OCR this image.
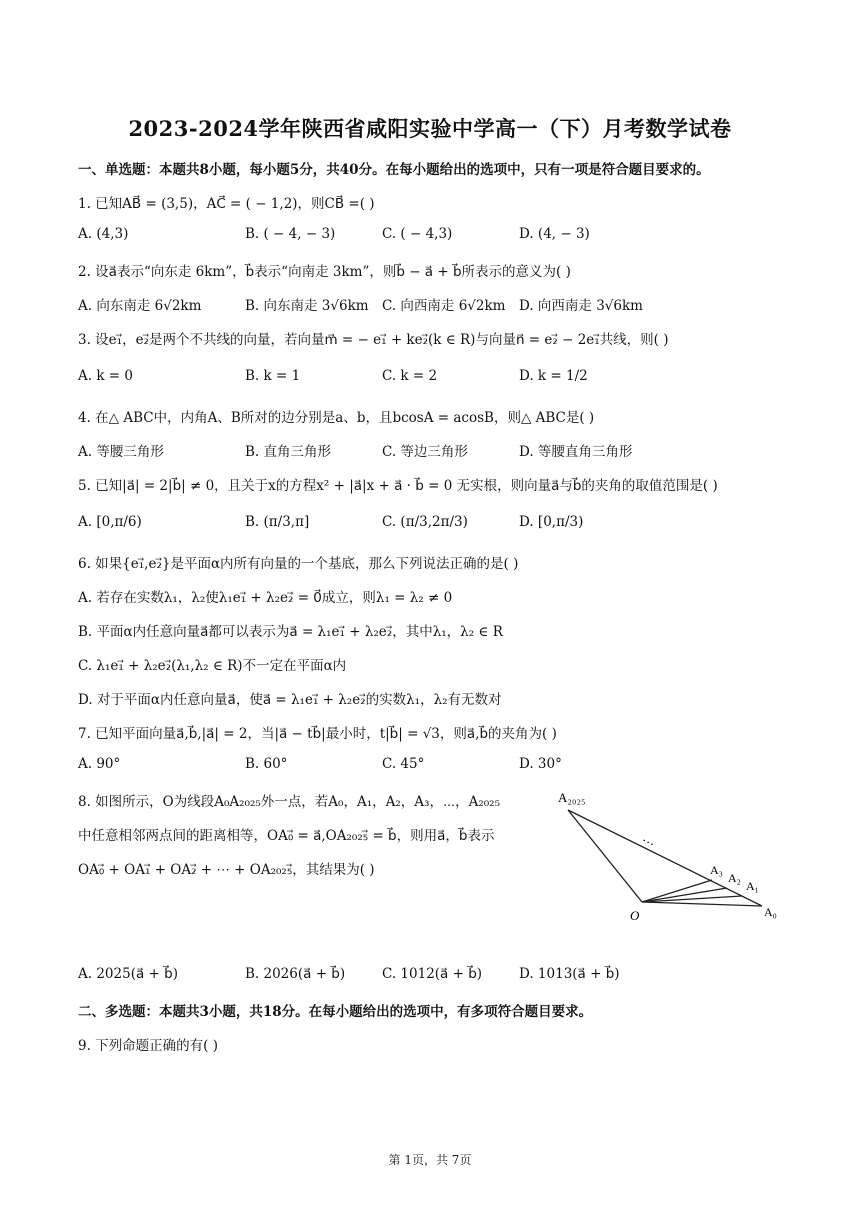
2023-2024学年陕西省咸阳实验中学高一（下）月考数学试卷
一、单选题：本题共8小题，每小题5分，共40分。在每小题给出的选项中，只有一项是符合题目要求的。
1. 已知AB⃗ = (3,5)，AC⃗ = ( − 1,2)，则CB⃗ =( )
A. (4,3)	B. ( − 4, − 3)	C. ( − 4,3)	D. (4, − 3)
2. 设a⃗表示“向东走 6km”，b⃗表示“向南走 3km”，则b⃗ − a⃗ + b⃗所表示的意义为( )
A. 向东南走 6√2km	B. 向东南走 3√6km C. 向西南走 6√2km D. 向西南走 3√6km
3. 设e₁⃗，e₂⃗是两个不共线的向量，若向量m⃗ = − e₁⃗ + ke₂⃗(k ∈ R)与向量n⃗ = e₂⃗ − 2e₁⃗共线，则( )
A. k = 0	B. k = 1	C. k = 2	D. k = 1/2
4. 在△ ABC中，内角A、B所对的边分别是a、b，且bcosA = acosB，则△ ABC是( )
A. 等腰三角形	B. 直角三角形	C. 等边三角形	D. 等腰直角三角形
5. 已知|a⃗| = 2|b⃗| ≠ 0，且关于x的方程x² + |a⃗|x + a⃗ · b⃗ = 0 无实根，则向量a⃗与b⃗的夹角的取值范围是( )
A. [0,π/6)	B. (π/3,π]	C. (π/3,2π/3)	D. [0,π/3)
6. 如果{e₁⃗,e₂⃗}是平面α内所有向量的一个基底，那么下列说法正确的是( )
A. 若存在实数λ₁，λ₂使λ₁e₁⃗ + λ₂e₂⃗ = 0⃗成立，则λ₁ = λ₂ ≠ 0
B. 平面α内任意向量a⃗都可以表示为a⃗ = λ₁e₁⃗ + λ₂e₂⃗，其中λ₁，λ₂ ∈ R
C. λ₁e₁⃗ + λ₂e₂⃗(λ₁,λ₂ ∈ R)不一定在平面α内
D. 对于平面α内任意向量a⃗，使a⃗ = λ₁e₁⃗ + λ₂e₂⃗的实数λ₁，λ₂有无数对
7. 已知平面向量a⃗,b⃗,|a⃗| = 2，当|a⃗ − tb⃗|最小时，t|b⃗| = √3，则a⃗,b⃗的夹角为( )
A. 90°	B. 60°	C. 45°	D. 30°
8. 如图所示，O为线段A₀A₂₀₂₅外一点，若A₀，A₁，A₂，A₃，⋯，A₂₀₂₅
中任意相邻两点间的距离相等，OA₀⃗ = a⃗,OA₂₀₂₅⃗ = b⃗，则用a⃗，b⃗表示
OA₀⃗ + OA₁⃗ + OA₂⃗ + ⋯ + OA₂₀₂₅⃗，其结果为( )
A₂₀₂₅
…
A₃
A₂
A₁
A₀
O
A. 2025(a⃗ + b⃗)	B. 2026(a⃗ + b⃗)	C. 1012(a⃗ + b⃗)	D. 1013(a⃗ + b⃗)
二、多选题：本题共3小题，共18分。在每小题给出的选项中，有多项符合题目要求。
9. 下列命题正确的有( )
第 1页，共 7页
